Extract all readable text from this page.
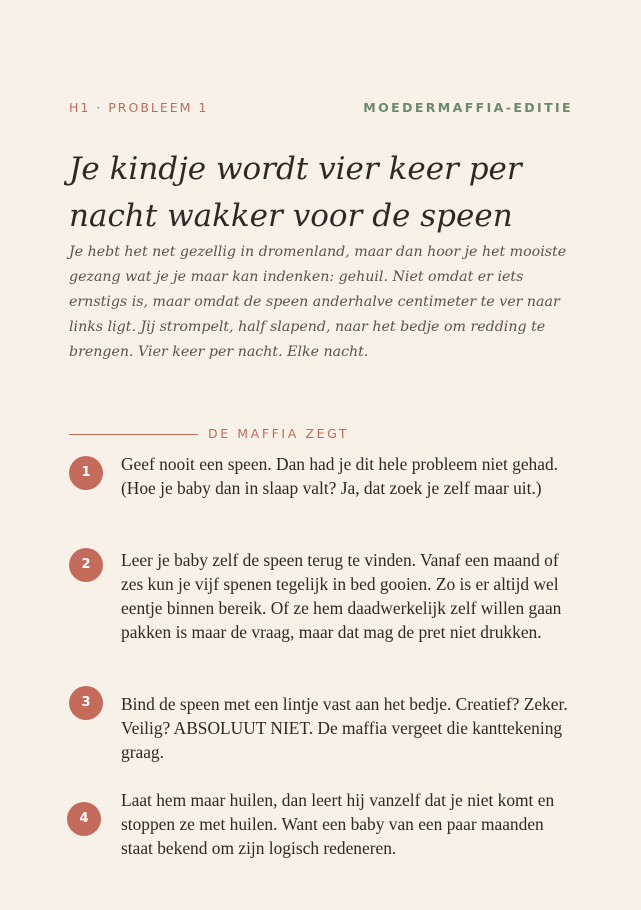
H1 · PROBLEEM 1	MOEDERMAFFIA-EDITIE
Je kindje wordt vier keer per nacht wakker voor de speen

Je hebt het net gezellig in dromenland, maar dan hoor je het mooiste gezang wat je je maar kan indenken: gehuil. Niet omdat er iets ernstigs is, maar omdat de speen anderhalve centimeter te ver naar links ligt. Jij strompelt, half slapend, naar het bedje om redding te brengen. Vier keer per nacht. Elke nacht.

DE MAFFIA ZEGT
1	Geef nooit een speen. Dan had je dit hele probleem niet gehad. (Hoe je baby dan in slaap valt? Ja, dat zoek je zelf maar uit.)
2	Leer je baby zelf de speen terug te vinden. Vanaf een maand of zes kun je vijf spenen tegelijk in bed gooien. Zo is er altijd wel eentje binnen bereik. Of ze hem daadwerkelijk zelf willen gaan pakken is maar de vraag, maar dat mag de pret niet drukken.
3	Bind de speen met een lintje vast aan het bedje. Creatief? Zeker. Veilig? ABSOLUUT NIET. De maffia vergeet die kanttekening graag.
4
Laat hem maar huilen, dan leert hij vanzelf dat je niet komt en stoppen ze met huilen. Want een baby van een paar maanden staat bekend om zijn logisch redeneren.
